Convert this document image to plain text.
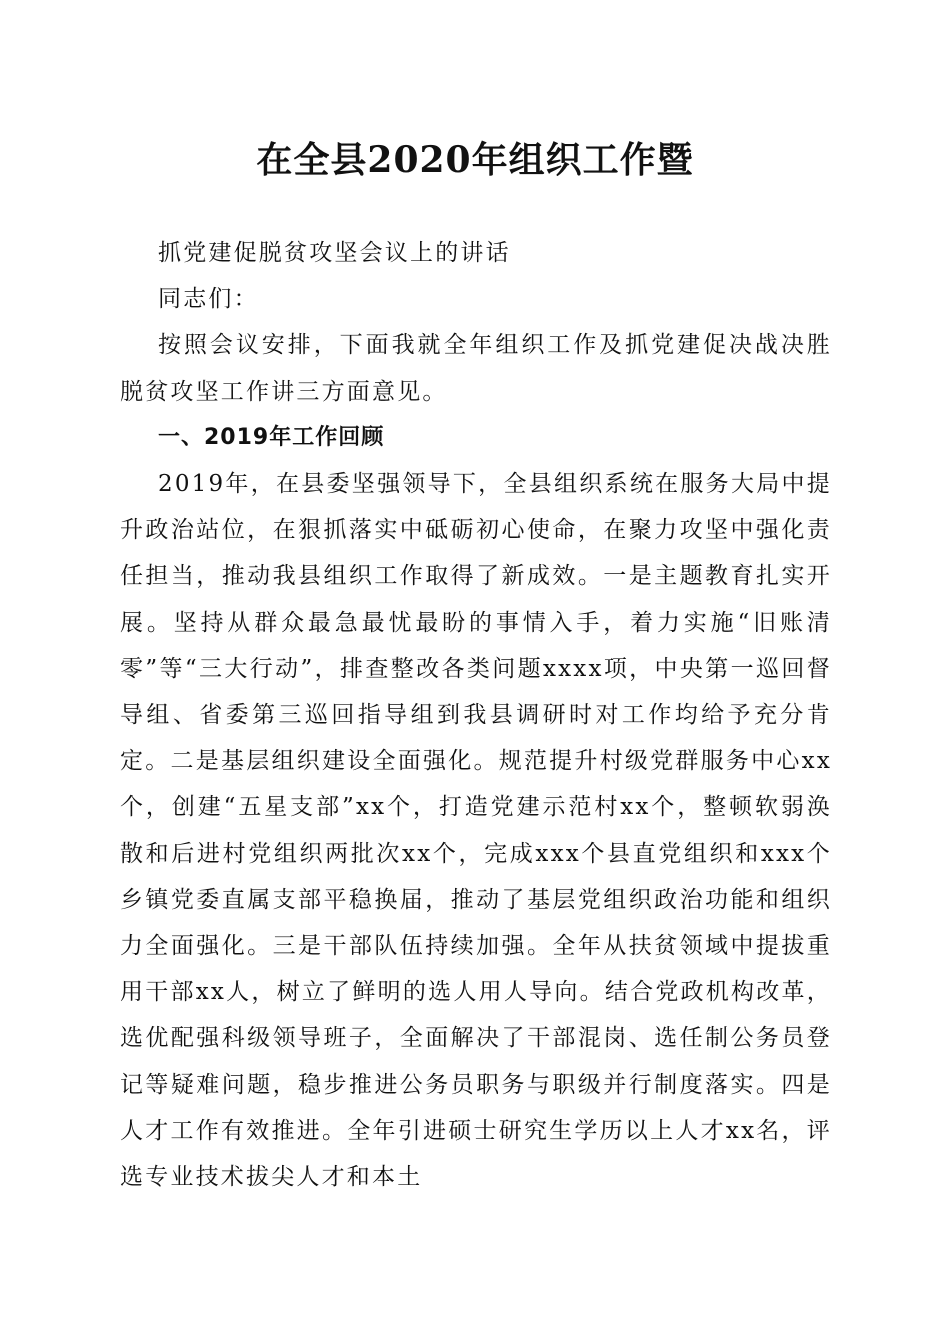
在全县2020年组织工作暨

抓党建促脱贫攻坚会议上的讲话

同志们：

按照会议安排，下面我就全年组织工作及抓党建促决战决胜脱贫攻坚工作讲三方面意见。

一、2019年工作回顾

2019年，在县委坚强领导下，全县组织系统在服务大局中提升政治站位，在狠抓落实中砥砺初心使命，在聚力攻坚中强化责任担当，推动我县组织工作取得了新成效。一是主题教育扎实开展。坚持从群众最急最忧最盼的事情入手，着力实施“旧账清零”等“三大行动”，排查整改各类问题xxxx项，中央第一巡回督导组、省委第三巡回指导组到我县调研时对工作均给予充分肯定。二是基层组织建设全面强化。规范提升村级党群服务中心xx个，创建“五星支部”xx个，打造党建示范村xx个，整顿软弱涣散和后进村党组织两批次xx个，完成xxx个县直党组织和xxx个乡镇党委直属支部平稳换届，推动了基层党组织政治功能和组织力全面强化。三是干部队伍持续加强。全年从扶贫领域中提拔重用干部xx人，树立了鲜明的选人用人导向。结合党政机构改革，选优配强科级领导班子，全面解决了干部混岗、选任制公务员登记等疑难问题，稳步推进公务员职务与职级并行制度落实。四是人才工作有效推进。全年引进硕士研究生学历以上人才xx名，评选专业技术拔尖人才和本土
